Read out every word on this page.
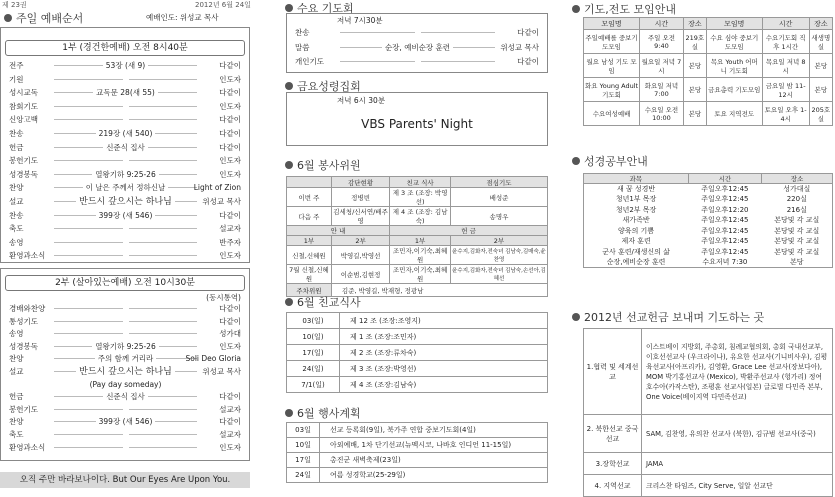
제 23권	2012년 6월 24일
주일 예배순서	예배인도: 위성교 목사
1부 (경건한예배) 오전 8시40분
전주	53장 (새 9)	다같이
기원	인도자
성시교독	교독문 28(새 55)	다같이
참회기도	인도자
신앙고백	다같이
찬송	219장 (새 540)	다같이
헌금	신준식 집사	다같이
봉헌기도	인도자
성경봉독	열왕기하 9:25-26	인도자
찬양	이 날은 주께서 정하신날	Light of Zion
설교	반드시 갚으시는 하나님	위성교 목사
찬송	399장 (새 546)	다같이
축도	설교자
송영	반주자
환영과소식	인도자
2부 (살아있는예배) 오전 10시30분
(동시통역)
경배와찬양	다같이
통성기도	다같이
송영	성가대
성경봉독	열왕기하 9:25-26	인도자
찬양	주의 함께 거리라	Soli Deo Gloria
설교	반드시 갚으시는 하나님	위성교 목사
(Pay day someday)
헌금	신준식 집사	다같이
봉헌기도	설교자
찬양	399장 (새 546)	다같이
축도	설교자
환영과소식	인도자
오직 주만 바라보나이다. But Our Eyes Are Upon You.
수요 기도회
저녁 7시30분
찬송	다같이
말씀	순장, 예비순장 훈련	위성교 목사
개인기도	다같이
금요성령집회
저녁 6시 30분
VBS Parents' Night
6월 봉사위원
	감단현황	친교 식사	점심기도
이번 주	정병빈	제 3 조 (조장: 박영선)	배성준
다음 주	김세청/신서연/배주영	제 4 조 (조장: 김남숙)	송명우
안 내		헌 금	
1부	2부	1부	2부
신철,신혜원	박영길,박영선	조민자,이기숙,최혜원	윤수지,김화자,전숙녀 김남숙,김매숙,윤찬영
7월 신철,신혜원	이순범,김현정	조민자,이기숙,최혜원	윤수지,김화자,전숙녀 김남숙,손선아,김혜선
주차위원	김준, 박영길, 박재형, 정광남		
6월 친교식사
03(일)	제 12 조 (조장:조영지)
10(일)	제 1 조 (조장:조민자)
17(일)	제 2 조 (조장:류차숙)
24(일)	제 3 조 (조장:박영선)
7/1(일)	제 4 조 (조장:김남숙)
6월 행사계획
03일	선교 등록회(9일), 북가주 연합 중보기도회(4일)
10일	아외예배, 1차 단기선교(뉴멕시코, 나바호 인디언 11-15일)
17일	총진군 새벽축제(23일)
24일	여름 성경학교(25-29일)
기도,전도 모임안내
모임명	시간	장소	모임명	시간	장소
주일예배를 중보기도모임	주일 오전 9:40	219호실	수요 심야 중보기도모임	수요기도회 직후 1시간	새생명실
월요 남성 기도 모임	월요일 저녁 7시	본당	목요 Youth 어머니 기도회	목요일 저녁 8시	본당
화요 Young Adult 기도회	화요일 저녁7:00	본당	금요총력 기도모임	금요일 밤 11-12시	본당
수요여성예배	수요일 오전 10:00	본당	토요 지역전도	토요일 오후 1-4시	205호실
성경공부안내
과목	시간	장소
새 꿈 성경반	주일오후12:45	성가대실
청년1부 목장	주일오후12:45	220실
청년2부 목장	주일오후12:20	216실
새가족반	주일오후12:45	본당및 각 교실
양육의 기쁨	주일오후12:45	본당및 각 교실
제자 훈련	주일오후12:45	본당및 각 교실
군사 훈련/재생신의 삶	주일오후12:45	본당및 각 교실
순장,예비순장 훈련	수요저녁 7:30	본당
2012년 선교헌금 보내며 기도하는 곳
1.협력 및 세계선교	이스트베이 지방회, 주총회, 침례교협의회, 총회 국내선교부, 이호선선교사 (우크라이나), 유요한 선교사(기니비사우), 김평육선교사(아프리카), 김영환, Grace Lee 선교사(장보다아), MOM 박기홍선교사 (Mexico), 박환주선교사 (헝가리) 정여호수아(카작스탄), 조평훈 선교사(일본) 글로벌 다민족 본부, One Voice(베이지역 다민족선교)
2. 북한선교 중국선교	SAM, 김찬영, 유의찬 선교사 (북한), 김규범 선교사(중국)
3.장학선교	JAMA
4. 지역선교	크리스찬 타임즈, City Serve, 일알 선교단
